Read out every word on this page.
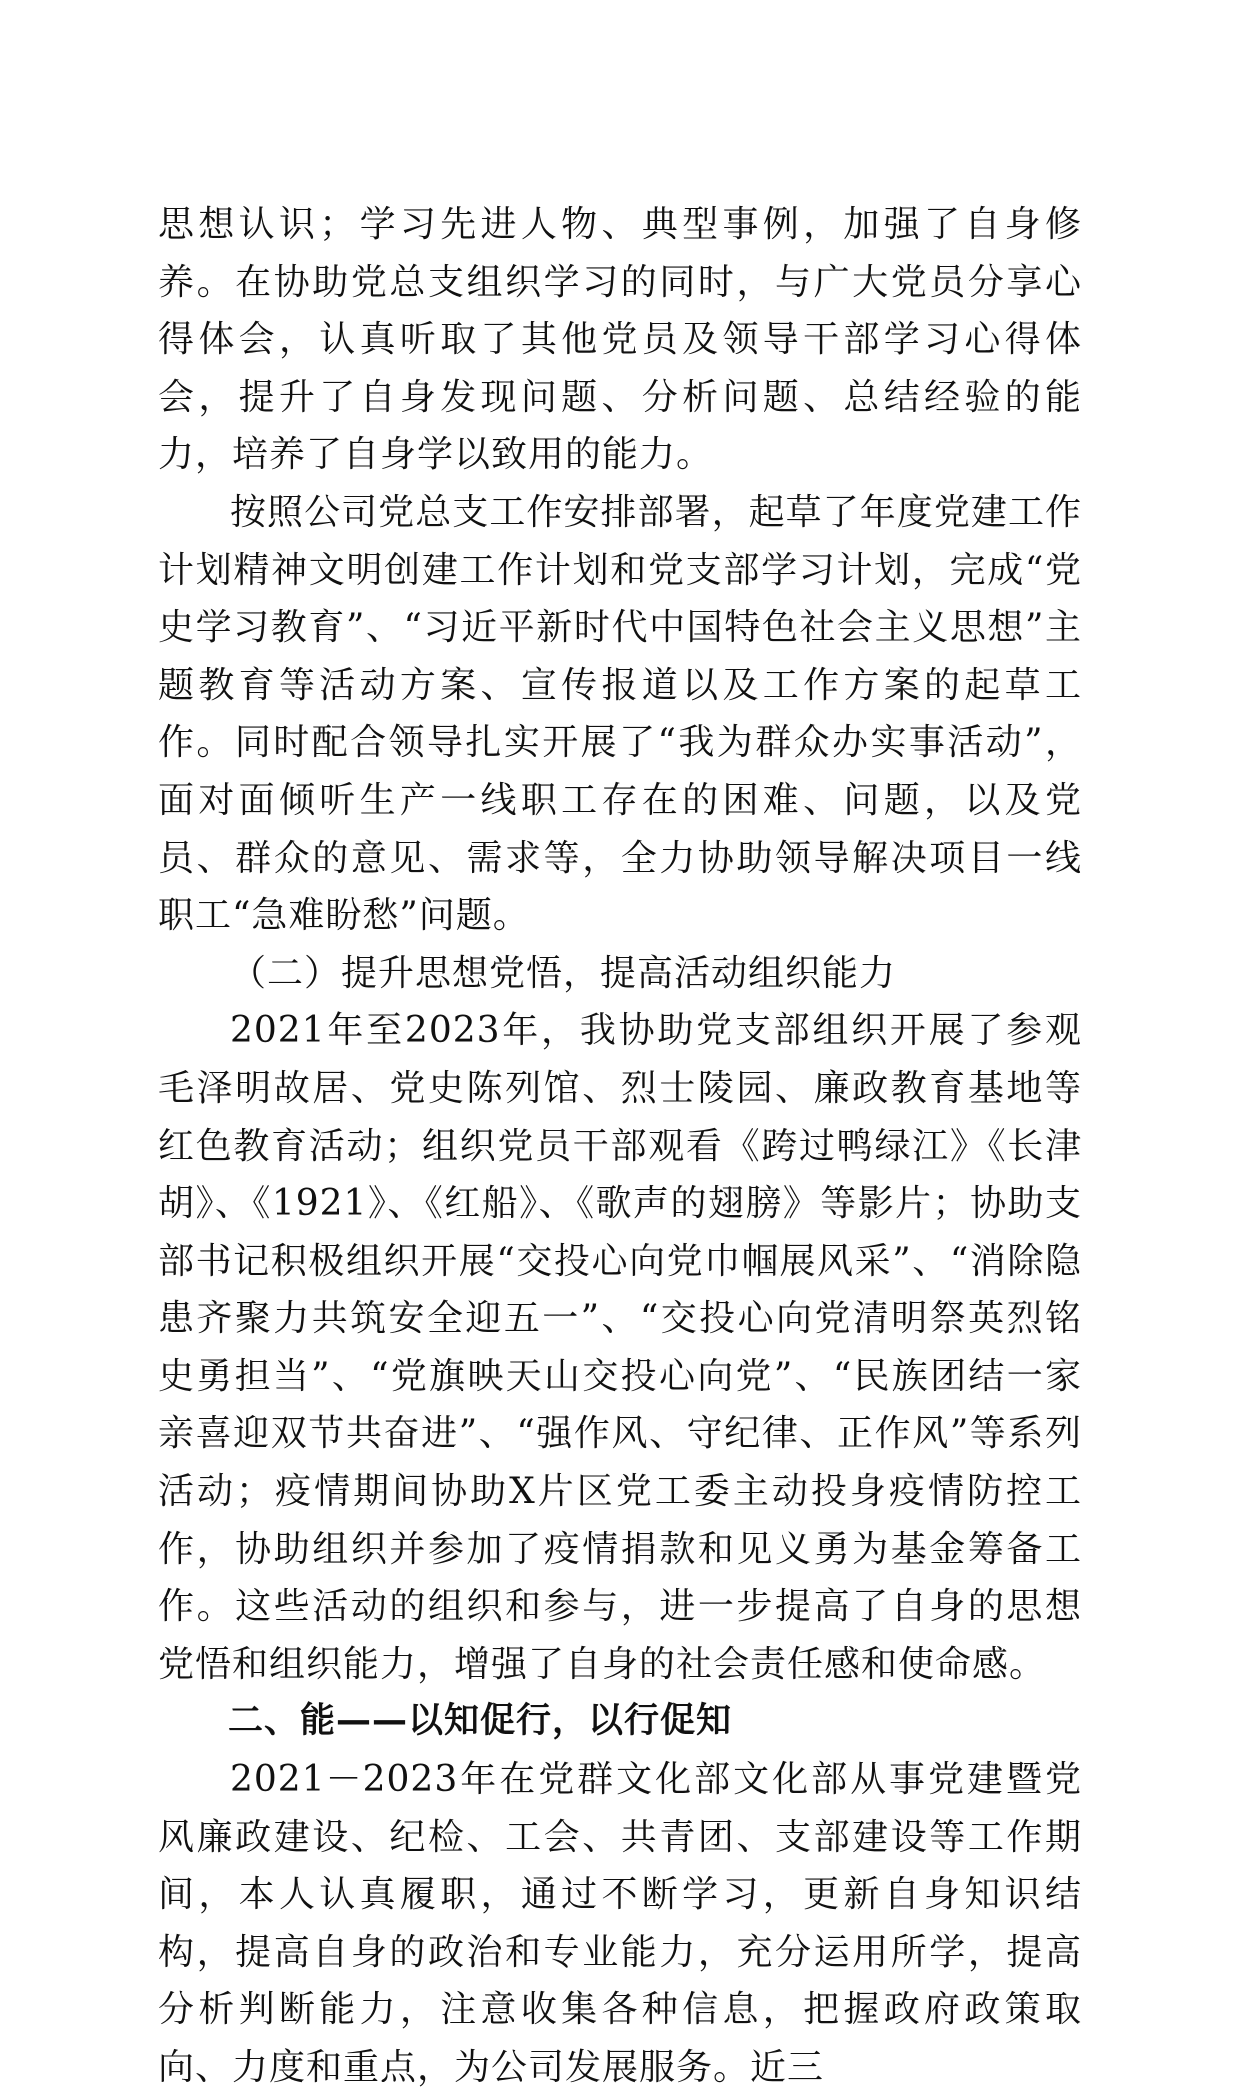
思想认识；学习先进人物、典型事例，加强了自身修养。在协助党总支组织学习的同时，与广大党员分享心得体会，认真听取了其他党员及领导干部学习心得体会，提升了自身发现问题、分析问题、总结经验的能力，培养了自身学以致用的能力。

按照公司党总支工作安排部署，起草了年度党建工作计划精神文明创建工作计划和党支部学习计划，完成“党史学习教育”、“习近平新时代中国特色社会主义思想”主题教育等活动方案、宣传报道以及工作方案的起草工作。同时配合领导扎实开展了“我为群众办实事活动”，面对面倾听生产一线职工存在的困难、问题，以及党员、群众的意见、需求等，全力协助领导解决项目一线职工“急难盼愁”问题。

（二）提升思想党悟，提高活动组织能力

2021年至2023年，我协助党支部组织开展了参观毛泽明故居、党史陈列馆、烈士陵园、廉政教育基地等红色教育活动；组织党员干部观看《跨过鸭绿江》《长津胡》、《1921》、《红船》、《歌声的翅膀》等影片；协助支部书记积极组织开展“交投心向党巾帼展风采”、“消除隐患齐聚力共筑安全迎五一”、“交投心向党清明祭英烈铭史勇担当”、“党旗映天山交投心向党”、“民族团结一家亲喜迎双节共奋进”、“强作风、守纪律、正作风”等系列活动；疫情期间协助X片区党工委主动投身疫情防控工作，协助组织并参加了疫情捐款和见义勇为基金筹备工作。这些活动的组织和参与，进一步提高了自身的思想党悟和组织能力，增强了自身的社会责任感和使命感。

二、能——以知促行，以行促知

2021－2023年在党群文化部文化部从事党建暨党风廉政建设、纪检、工会、共青团、支部建设等工作期间，本人认真履职，通过不断学习，更新自身知识结构，提高自身的政治和专业能力，充分运用所学，提高分析判断能力，注意收集各种信息，把握政府政策取向、力度和重点，为公司发展服务。近三
